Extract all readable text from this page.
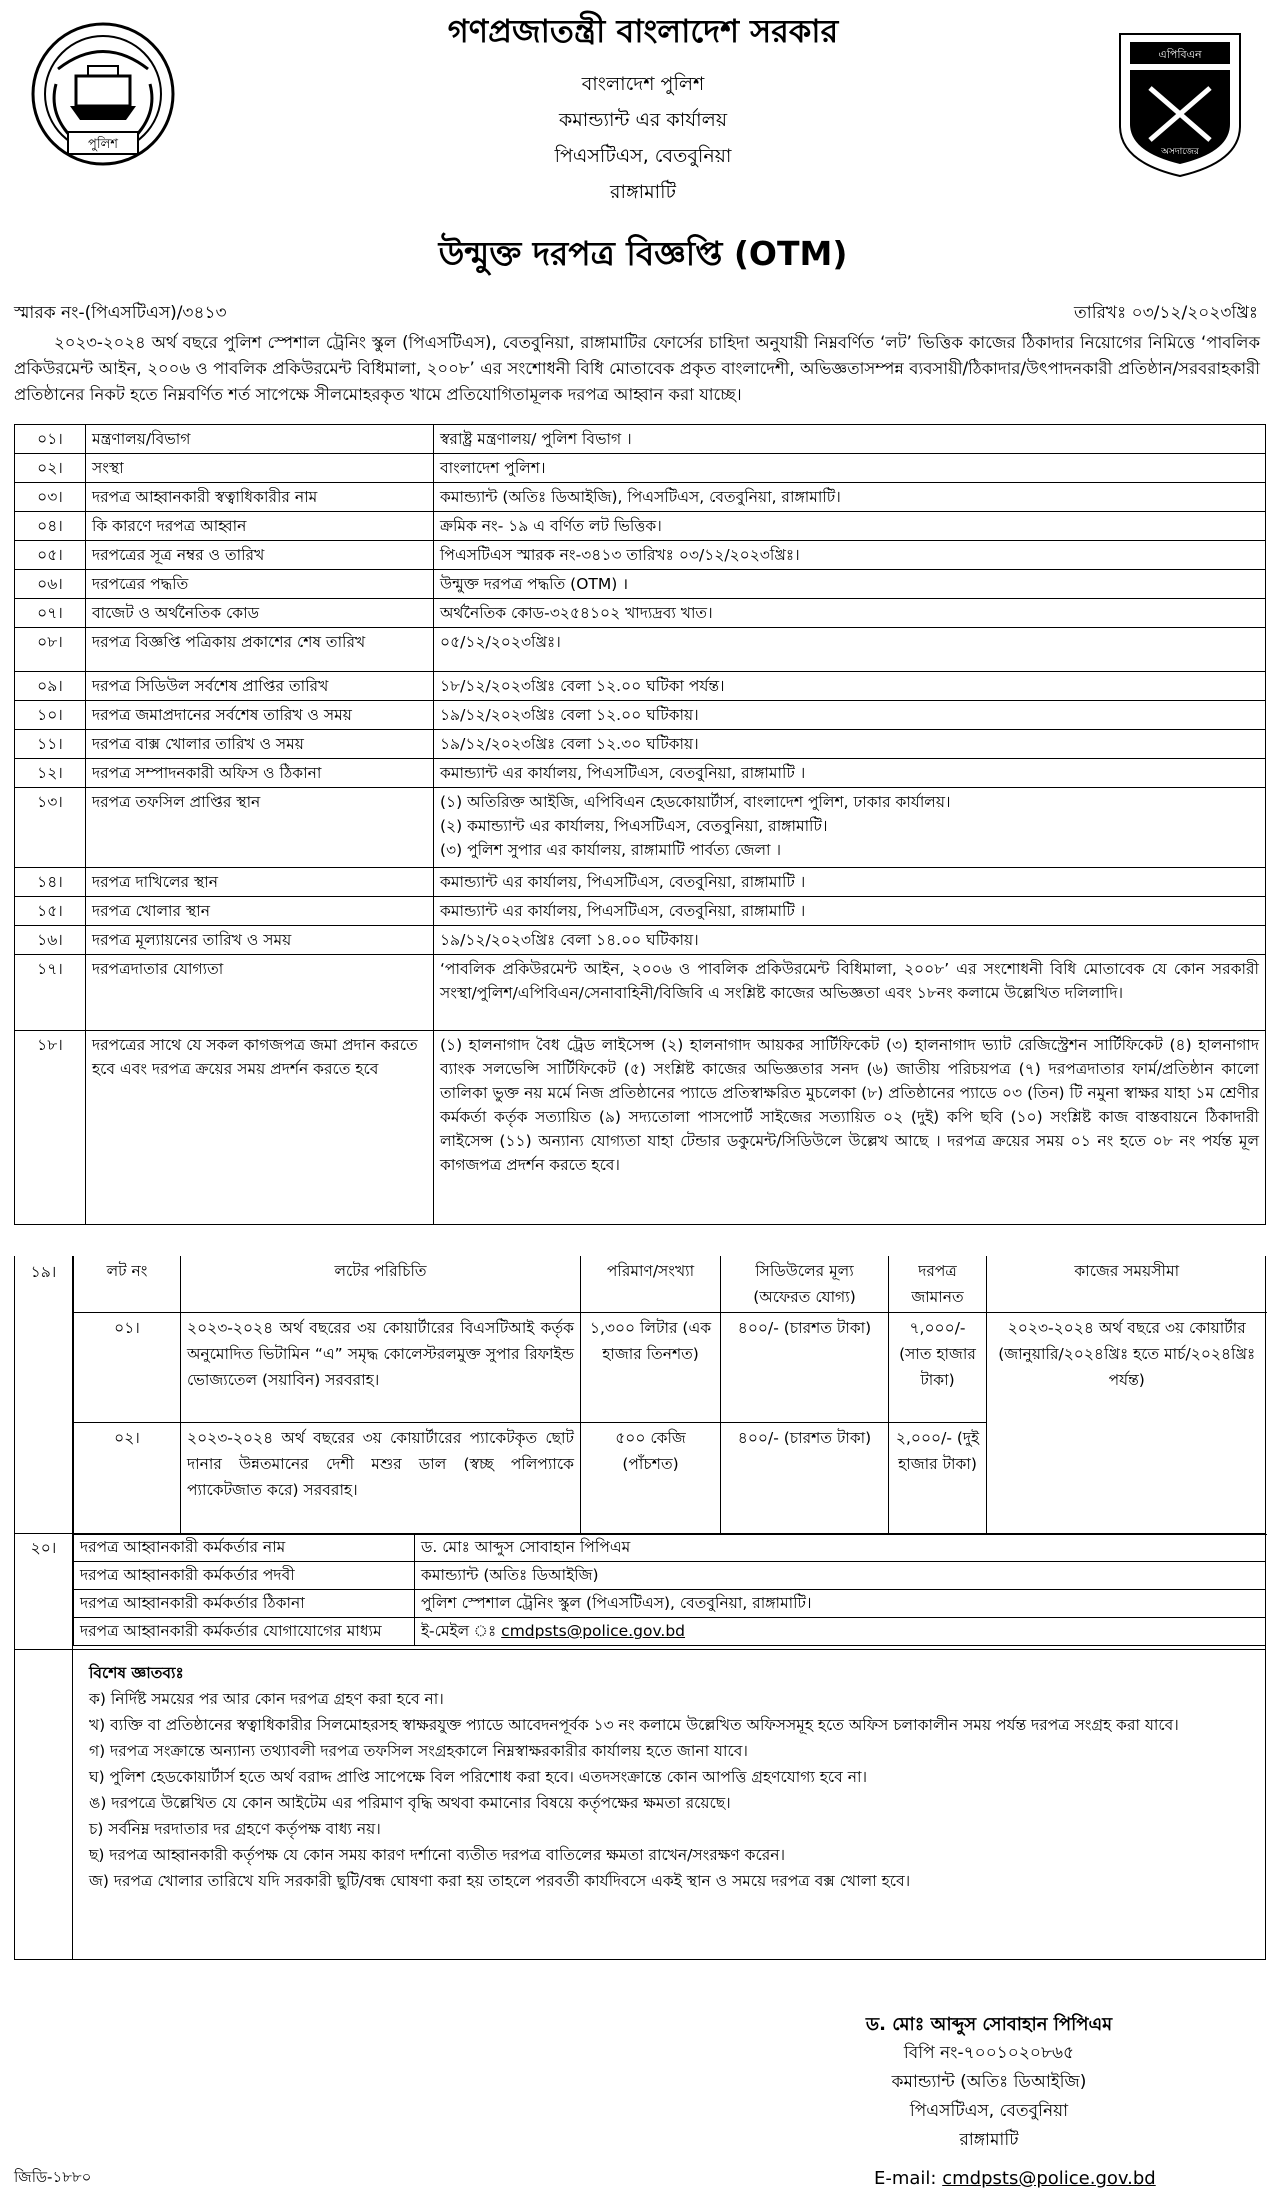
পুলিশ
এপিবিএন
অসদাজের
গণপ্রজাতন্ত্রী বাংলাদেশ সরকার
বাংলাদেশ পুলিশ
কমান্ড্যান্ট এর কার্যালয়
পিএসটিএস, বেতবুনিয়া
রাঙ্গামাটি
উন্মুক্ত দরপত্র বিজ্ঞপ্তি (OTM)
স্মারক নং-(পিএসটিএস)/৩৪১৩	তারিখঃ ০৩/১২/২০২৩খ্রিঃ
২০২৩-২০২৪ অর্থ বছরে পুলিশ স্পেশাল ট্রেনিং স্কুল (পিএসটিএস), বেতবুনিয়া, রাঙ্গামাটির ফোর্সের চাহিদা অনুযায়ী নিম্নবর্ণিত ‘লট’ ভিত্তিক কাজের ঠিকাদার নিয়োগের নিমিত্তে ‘পাবলিক প্রকিউরমেন্ট আইন, ২০০৬ ও পাবলিক প্রকিউরমেন্ট বিধিমালা, ২০০৮’ এর সংশোধনী বিধি মোতাবেক প্রকৃত বাংলাদেশী, অভিজ্ঞতাসম্পন্ন ব্যবসায়ী/ঠিকাদার/উৎপাদনকারী প্রতিষ্ঠান/সরবরাহকারী প্রতিষ্ঠানের নিকট হতে নিম্নবর্ণিত শর্ত সাপেক্ষে সীলমোহরকৃত খামে প্রতিযোগিতামূলক দরপত্র আহ্বান করা যাচ্ছে।
০১।	মন্ত্রণালয়/বিভাগ	স্বরাষ্ট্র মন্ত্রণালয়/ পুলিশ বিভাগ ।
০২।	সংস্থা	বাংলাদেশ পুলিশ।
০৩।	দরপত্র আহ্বানকারী স্বত্বাধিকারীর নাম	কমান্ড্যান্ট (অতিঃ ডিআইজি), পিএসটিএস, বেতবুনিয়া, রাঙ্গামাটি।
০৪।	কি কারণে দরপত্র আহ্বান	ক্রমিক নং- ১৯ এ বর্ণিত লট ভিত্তিক।
০৫।	দরপত্রের সূত্র নম্বর ও তারিখ	পিএসটিএস স্মারক নং-৩৪১৩ তারিখঃ ০৩/১২/২০২৩খ্রিঃ।
০৬।	দরপত্রের পদ্ধতি	উন্মুক্ত দরপত্র পদ্ধতি (OTM) ।
০৭।	বাজেট ও অর্থনৈতিক কোড	অর্থনৈতিক কোড-৩২৫৪১০২ খাদ্যদ্রব্য খাত।
০৮।	দরপত্র বিজ্ঞপ্তি পত্রিকায় প্রকাশের শেষ তারিখ	০৫/১২/২০২৩খ্রিঃ।
০৯।	দরপত্র সিডিউল সর্বশেষ প্রাপ্তির তারিখ	১৮/১২/২০২৩খ্রিঃ বেলা ১২.০০ ঘটিকা পর্যন্ত।
১০।	দরপত্র জমাপ্রদানের সর্বশেষ তারিখ ও সময়	১৯/১২/২০২৩খ্রিঃ বেলা ১২.০০ ঘটিকায়।
১১।	দরপত্র বাক্স খোলার তারিখ ও সময়	১৯/১২/২০২৩খ্রিঃ বেলা ১২.৩০ ঘটিকায়।
১২।	দরপত্র সম্পাদনকারী অফিস ও ঠিকানা	কমান্ড্যান্ট এর কার্যালয়, পিএসটিএস, বেতবুনিয়া, রাঙ্গামাটি ।
১৩।	দরপত্র তফসিল প্রাপ্তির স্থান	(১) অতিরিক্ত আইজি, এপিবিএন হেডকোয়ার্টার্স, বাংলাদেশ পুলিশ, ঢাকার কার্যালয়।
(২) কমান্ড্যান্ট এর কার্যালয়, পিএসটিএস, বেতবুনিয়া, রাঙ্গামাটি।
(৩) পুলিশ সুপার এর কার্যালয়, রাঙ্গামাটি পার্বত্য জেলা ।
১৪।	দরপত্র দাখিলের স্থান	কমান্ড্যান্ট এর কার্যালয়, পিএসটিএস, বেতবুনিয়া, রাঙ্গামাটি ।
১৫।	দরপত্র খোলার স্থান	কমান্ড্যান্ট এর কার্যালয়, পিএসটিএস, বেতবুনিয়া, রাঙ্গামাটি ।
১৬।	দরপত্র মূল্যায়নের তারিখ ও সময়	১৯/১২/২০২৩খ্রিঃ বেলা ১৪.০০ ঘটিকায়।
১৭।	দরপত্রদাতার যোগ্যতা	‘পাবলিক প্রকিউরমেন্ট আইন, ২০০৬ ও পাবলিক প্রকিউরমেন্ট বিধিমালা, ২০০৮’ এর সংশোধনী বিধি মোতাবেক যে কোন সরকারী সংস্থা/পুলিশ/এপিবিএন/সেনাবাহিনী/বিজিবি এ সংশ্লিষ্ট কাজের অভিজ্ঞতা এবং ১৮নং কলামে উল্লেখিত দলিলাদি।
১৮।	দরপত্রের সাথে যে সকল কাগজপত্র জমা প্রদান করতে হবে এবং দরপত্র ক্রয়ের সময় প্রদর্শন করতে হবে	(১) হালনাগাদ বৈধ ট্রেড লাইসেন্স (২) হালনাগাদ আয়কর সার্টিফিকেট (৩) হালনাগাদ ভ্যাট রেজিস্ট্রেশন সার্টিফিকেট (৪) হালনাগাদ ব্যাংক সলভেন্সি সার্টিফিকেট (৫) সংশ্লিষ্ট কাজের অভিজ্ঞতার সনদ (৬) জাতীয় পরিচয়পত্র (৭) দরপত্রদাতার ফার্ম/প্রতিষ্ঠান কালো তালিকা ভুক্ত নয় মর্মে নিজ প্রতিষ্ঠানের প্যাডে প্রতিস্বাক্ষরিত মুচলেকা (৮) প্রতিষ্ঠানের প্যাডে ০৩ (তিন) টি নমুনা স্বাক্ষর যাহা ১ম শ্রেণীর কর্মকর্তা কর্তৃক সত্যায়িত (৯) সদ্যতোলা পাসপোর্ট সাইজের সত্যায়িত ০২ (দুই) কপি ছবি (১০) সংশ্লিষ্ট কাজ বাস্তবায়নে ঠিকাদারী লাইসেন্স (১১) অন্যান্য যোগ্যতা যাহা টেন্ডার ডকুমেন্ট/সিডিউলে উল্লেখ আছে । দরপত্র ক্রয়ের সময় ০১ নং হতে ০৮ নং পর্যন্ত মূল কাগজপত্র প্রদর্শন করতে হবে।
১৯।	লট নং	লটের পরিচিতি	পরিমাণ/সংখ্যা	সিডিউলের মূল্য (অফেরত যোগ্য)	দরপত্র জামানত	কাজের সময়সীমা
০১।	২০২৩-২০২৪ অর্থ বছরের ৩য় কোয়ার্টারের বিএসটিআই কর্তৃক অনুমোদিত ভিটামিন “এ” সমৃদ্ধ কোলেস্টরলমুক্ত সুপার রিফাইন্ড ভোজ্যতেল (সয়াবিন) সরবরাহ।	১,৩০০ লিটার (এক হাজার তিনশত)	৪০০/- (চারশত টাকা)	৭,০০০/- (সাত হাজার টাকা)	২০২৩-২০২৪ অর্থ বছরে ৩য় কোয়ার্টার (জানুয়ারি/২০২৪খ্রিঃ হতে মার্চ/২০২৪খ্রিঃ পর্যন্ত)
০২।	২০২৩-২০২৪ অর্থ বছরের ৩য় কোয়ার্টারের প্যাকেটকৃত ছোট দানার উন্নতমানের দেশী মশুর ডাল (স্বচ্ছ পলিপ্যাকে প্যাকেটজাত করে) সরবরাহ।	৫০০ কেজি (পাঁচশত)	৪০০/- (চারশত টাকা)	২,০০০/- (দুই হাজার টাকা)	
২০।	দরপত্র আহ্বানকারী কর্মকর্তার নাম	ড. মোঃ আব্দুস সোবাহান পিপিএম
দরপত্র আহ্বানকারী কর্মকর্তার পদবী	কমান্ড্যান্ট (অতিঃ ডিআইজি)
দরপত্র আহ্বানকারী কর্মকর্তার ঠিকানা	পুলিশ স্পেশাল ট্রেনিং স্কুল (পিএসটিএস), বেতবুনিয়া, রাঙ্গামাটি।
দরপত্র আহ্বানকারী কর্মকর্তার যোগাযোগের মাধ্যম	ই-মেইল ঃ cmdpsts@police.gov.bd
বিশেষ জ্ঞাতব্যঃ
ক) নির্দিষ্ট সময়ের পর আর কোন দরপত্র গ্রহণ করা হবে না।
খ) ব্যক্তি বা প্রতিষ্ঠানের স্বত্বাধিকারীর সিলমোহরসহ স্বাক্ষরযুক্ত প্যাডে আবেদনপূর্বক ১৩ নং কলামে উল্লেখিত অফিসসমূহ হতে অফিস চলাকালীন সময় পর্যন্ত দরপত্র সংগ্রহ করা যাবে।
গ) দরপত্র সংক্রান্তে অন্যান্য তথ্যাবলী দরপত্র তফসিল সংগ্রহকালে নিম্নস্বাক্ষরকারীর কার্যালয় হতে জানা যাবে।
ঘ) পুলিশ হেডকোয়ার্টার্স হতে অর্থ বরাদ্দ প্রাপ্তি সাপেক্ষে বিল পরিশোধ করা হবে। এতদসংক্রান্তে কোন আপত্তি গ্রহণযোগ্য হবে না।
ঙ) দরপত্রে উল্লেখিত যে কোন আইটেম এর পরিমাণ বৃদ্ধি অথবা কমানোর বিষয়ে কর্তৃপক্ষের ক্ষমতা রয়েছে।
চ) সর্বনিম্ন দরদাতার দর গ্রহণে কর্তৃপক্ষ বাধ্য নয়।
ছ) দরপত্র আহ্বানকারী কর্তৃপক্ষ যে কোন সময় কারণ দর্শানো ব্যতীত দরপত্র বাতিলের ক্ষমতা রাখেন/সংরক্ষণ করেন।
জ) দরপত্র খোলার তারিখে যদি সরকারী ছুটি/বন্ধ ঘোষণা করা হয় তাহলে পরবর্তী কার্যদিবসে একই স্থান ও সময়ে দরপত্র বক্স খোলা হবে।
ড. মোঃ আব্দুস সোবাহান পিপিএম
বিপি নং-৭০০১০২০৮৬৫
কমান্ড্যান্ট (অতিঃ ডিআইজি)
পিএসটিএস, বেতবুনিয়া
রাঙ্গামাটি
জিডি-১৮৮০	E-mail: cmdpsts@police.gov.bd
